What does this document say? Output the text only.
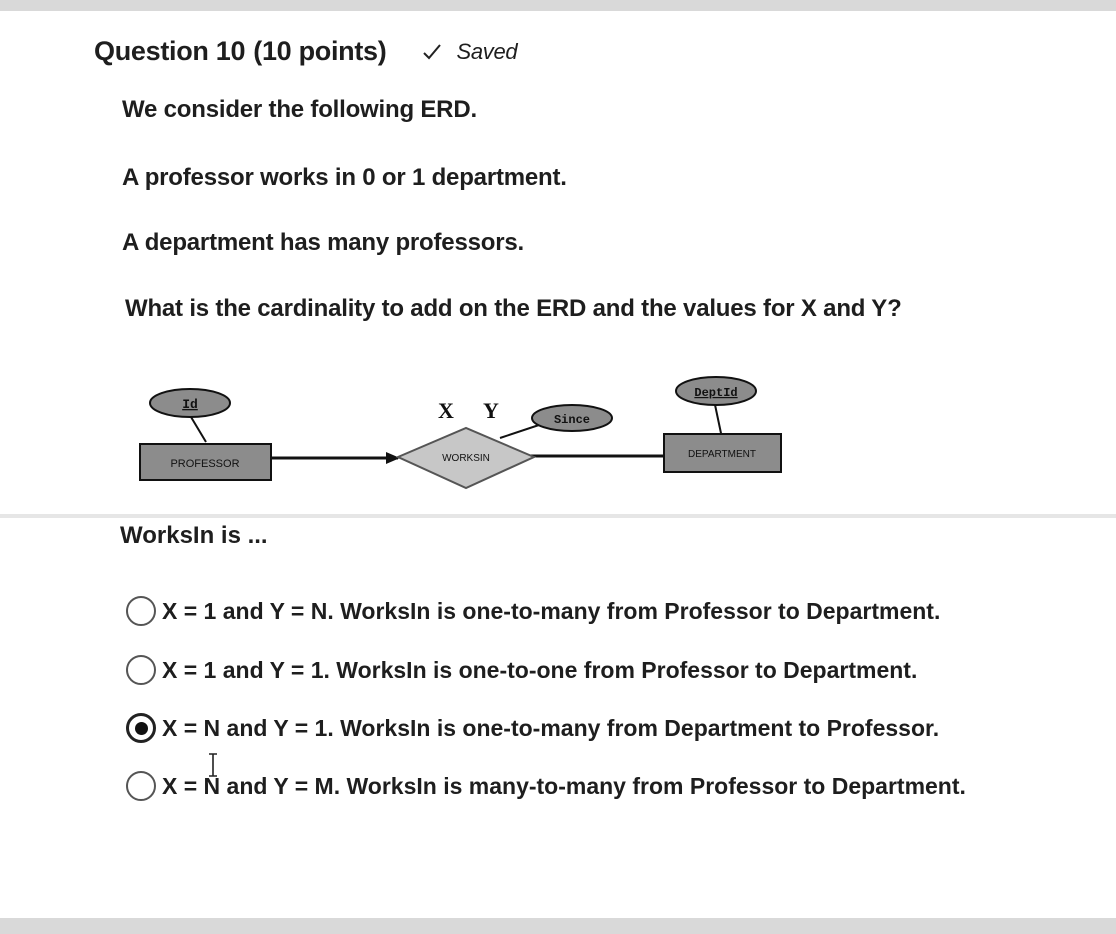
Question 10 (10 points)	Saved
We consider the following ERD.
A professor works in 0 or 1 department.
A department has many professors.
What is the cardinality to add on the ERD and the values for X and Y?
PROFESSOR
Id
WORKSIN
X Y	Since
DeptId
DEPARTMENT
WorksIn is ...
X = 1 and Y = N. WorksIn is one-to-many from Professor to Department.
X = 1 and Y = 1. WorksIn is one-to-one from Professor to Department.
X = N and Y = 1. WorksIn is one-to-many from Department to Professor.
X = N and Y = M. WorksIn is many-to-many from Professor to Department.
